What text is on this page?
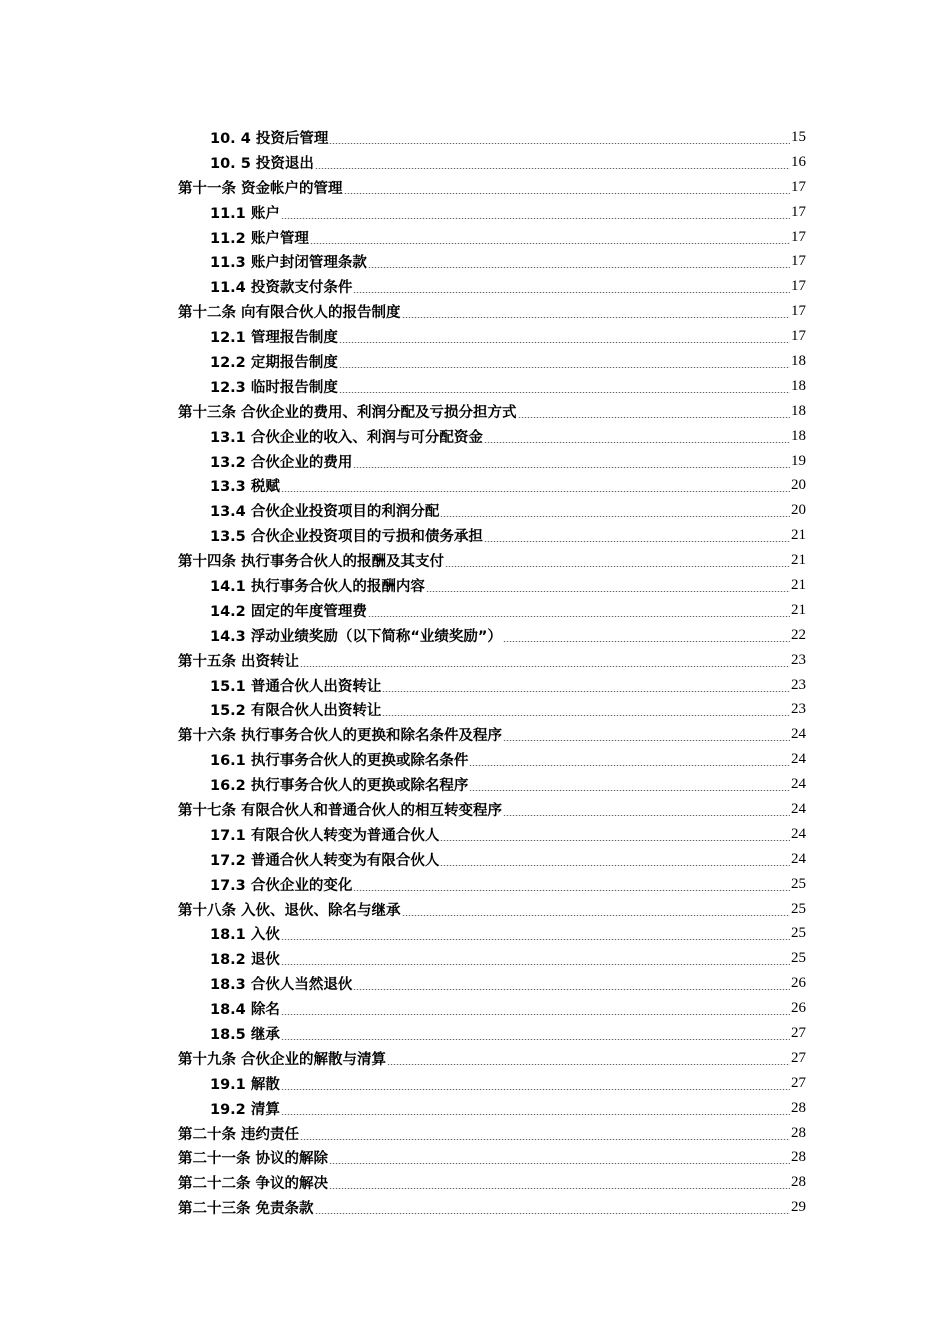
10. 4 投资后管理	15
10. 5 投资退出	16
第十一条 资金帐户的管理	17
11.1 账户	17
11.2 账户管理	17
11.3 账户封闭管理条款	17
11.4 投资款支付条件	17
第十二条 向有限合伙人的报告制度	17
12.1 管理报告制度	17
12.2 定期报告制度	18
12.3 临时报告制度	18
第十三条 合伙企业的费用、利润分配及亏损分担方式	18
13.1 合伙企业的收入、利润与可分配资金	18
13.2 合伙企业的费用	19
13.3 税赋	20
13.4 合伙企业投资项目的利润分配	20
13.5 合伙企业投资项目的亏损和债务承担	21
第十四条 执行事务合伙人的报酬及其支付	21
14.1 执行事务合伙人的报酬内容	21
14.2 固定的年度管理费	21
14.3 浮动业绩奖励（以下简称“业绩奖励”）	22
第十五条 出资转让	23
15.1 普通合伙人出资转让	23
15.2 有限合伙人出资转让	23
第十六条 执行事务合伙人的更换和除名条件及程序	24
16.1 执行事务合伙人的更换或除名条件	24
16.2 执行事务合伙人的更换或除名程序	24
第十七条 有限合伙人和普通合伙人的相互转变程序	24
17.1 有限合伙人转变为普通合伙人	24
17.2 普通合伙人转变为有限合伙人	24
17.3 合伙企业的变化	25
第十八条 入伙、退伙、除名与继承	25
18.1 入伙	25
18.2 退伙	25
18.3 合伙人当然退伙	26
18.4 除名	26
18.5 继承	27
第十九条 合伙企业的解散与清算	27
19.1 解散	27
19.2 清算	28
第二十条 违约责任	28
第二十一条 协议的解除	28
第二十二条 争议的解决	28
第二十三条 免责条款	29
